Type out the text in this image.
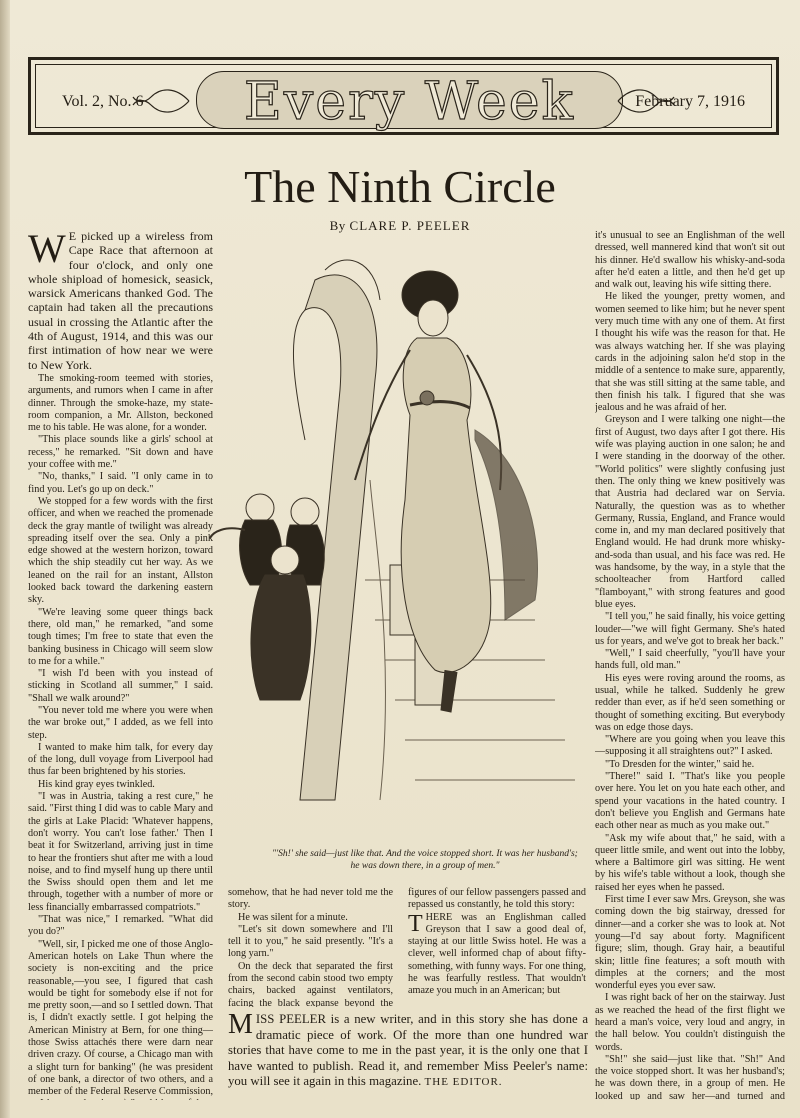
Vol. 2, No. 6	Every Week	February 7, 1916
The Ninth Circle
By CLARE P. PEELER

W E picked up a wireless from Cape Race that afternoon at four o'clock, and only one whole shipload of homesick, seasick, warsick Americans thanked God. The captain had taken all the precautions usual in crossing the Atlantic after the 4th of August, 1914, and this was our first intimation of how near we were to New York.

The smoking-room teemed with stories, arguments, and rumors when I came in after dinner. Through the smoke-haze, my state-room companion, a Mr. Allston, beckoned me to his table. He was alone, for a wonder.

"This place sounds like a girls' school at recess," he remarked. "Sit down and have your coffee with me."

"No, thanks," I said. "I only came in to find you. Let's go up on deck."

We stopped for a few words with the first officer, and when we reached the promenade deck the gray mantle of twilight was already spreading itself over the sea. Only a pink edge showed at the western horizon, toward which the ship steadily cut her way. As we leaned on the rail for an instant, Allston looked back toward the darkening eastern sky.

"We're leaving some queer things back there, old man," he remarked, "and some tough times; I'm free to state that even the banking business in Chicago will seem slow to me for a while."

"I wish I'd been with you instead of sticking in Scotland all summer," I said. "Shall we walk around?"

"You never told me where you were when the war broke out," I added, as we fell into step.

I wanted to make him talk, for every day of the long, dull voyage from Liverpool had thus far been brightened by his stories.

His kind gray eyes twinkled.

"I was in Austria, taking a rest cure," he said. "First thing I did was to cable Mary and the girls at Lake Placid: 'Whatever happens, don't worry. You can't lose father.' Then I beat it for Switzerland, arriving just in time to hear the frontiers shut after me with a loud noise, and to find myself hung up there until the Swiss should open them and let me through, together with a number of more or less financially embarrassed compatriots."

"That was nice," I remarked. "What did you do?"

"Well, sir, I picked me one of those Anglo-American hotels on Lake Thun where the society is non-exciting and the price reasonable,—you see, I figured that cash would be tight for somebody else if not for me pretty soon,—and so I settled down. That is, I didn't exactly settle. I got helping the American Ministry at Bern, for one thing—those Swiss attachés there were darn near driven crazy. Of course, a Chicago man with a slight turn for banking" (he was president of one bank, a director of two others, and a member of the Federal Reserve Commission,

"'Sh!' she said—just like that. And the voice stopped short. It was her husband's; he was down there, in a group of men."

somehow, that he had never told me the story.

He was silent for a minute.

"Let's sit down somewhere and I'll tell it to you," he said presently. "It's a long yarn."

On the deck that separated the first from the second cabin stood two empty chairs, backed against ventilators, facing the black expanse beyond the

figures of our fellow passengers passed and repassed us constantly, he told this story:

THERE was an Englishman called Greyson that I saw a good deal of, staying at our little Swiss hotel. He was a clever, well informed chap of about fifty-something, with funny ways. For one thing, he was fearfully restless. That wouldn't amaze you much in an American; but

MISS PEELER is a new writer, and in this story she has done a dramatic piece of work. Of the more than one hundred war stories that have come to me in the past year, it is the only one that I have wanted to publish. Read it, and remember Miss Peeler's name: you will see it again in this magazine. THE EDITOR.

it's unusual to see an Englishman of the well dressed, well mannered kind that won't sit out his dinner. He'd swallow his whisky-and-soda after he'd eaten a little, and then he'd get up and walk out, leaving his wife sitting there.

He liked the younger, pretty women, and women seemed to like him; but he never spent very much time with any one of them. At first I thought his wife was the reason for that. He was always watching her. If she was playing cards in the adjoining salon he'd stop in the middle of a sentence to make sure, apparently, that she was still sitting at the same table, and then finish his talk. I figured that she was jealous and he was afraid of her.

Greyson and I were talking one night—the first of August, two days after I got there. His wife was playing auction in one salon; he and I were standing in the doorway of the other. "World politics" were slightly confusing just then. The only thing we knew positively was that Austria had declared war on Servia. Naturally, the question was as to whether Germany, Russia, England, and France would come in, and my man declared positively that England would. He had drunk more whisky-and-soda than usual, and his face was red. He was handsome, by the way, in a style that the schoolteacher from Hartford called "flamboyant," with strong features and good blue eyes.

"I tell you," he said finally, his voice getting louder—"we will fight Germany. She's hated us for years, and we've got to break her back."

"Well," I said cheerfully, "you'll have your hands full, old man."

His eyes were roving around the rooms, as usual, while he talked. Suddenly he grew redder than ever, as if he'd seen something or thought of something exciting. But everybody was on edge those days.

"Where are you going when you leave this—supposing it all straightens out?" I asked.

"To Dresden for the winter," said he.

"There!" said I. "That's like you people over here. You let on you hate each other, and spend your vacations in the hated country. I don't believe you English and Germans hate each other near as much as you make out."

"Ask my wife about that," he said, with a queer little smile, and went out into the lobby, where a Baltimore girl was sitting. He went by his wife's table without a look, though she raised her eyes when he passed.

First time I ever saw Mrs. Greyson, she was coming down the big stairway, dressed for dinner—and a corker she was to look at. Not young—I'd say about forty. Magnificent figure; slim, though. Gray hair, a beautiful skin; little fine features; a soft mouth with dimples at the corners; and the most wonderful eyes you ever saw.

I was right back of her on the stairway. Just as we reached the head of the first flight we heard a man's voice, very loud and angry, in the hall below. You couldn't distinguish the words.

"Sh!" she said—just like that. "Sh!" And the voice stopped short. It was her husband's; he was down there, in a group of men. He looked up and saw her—and turned and
